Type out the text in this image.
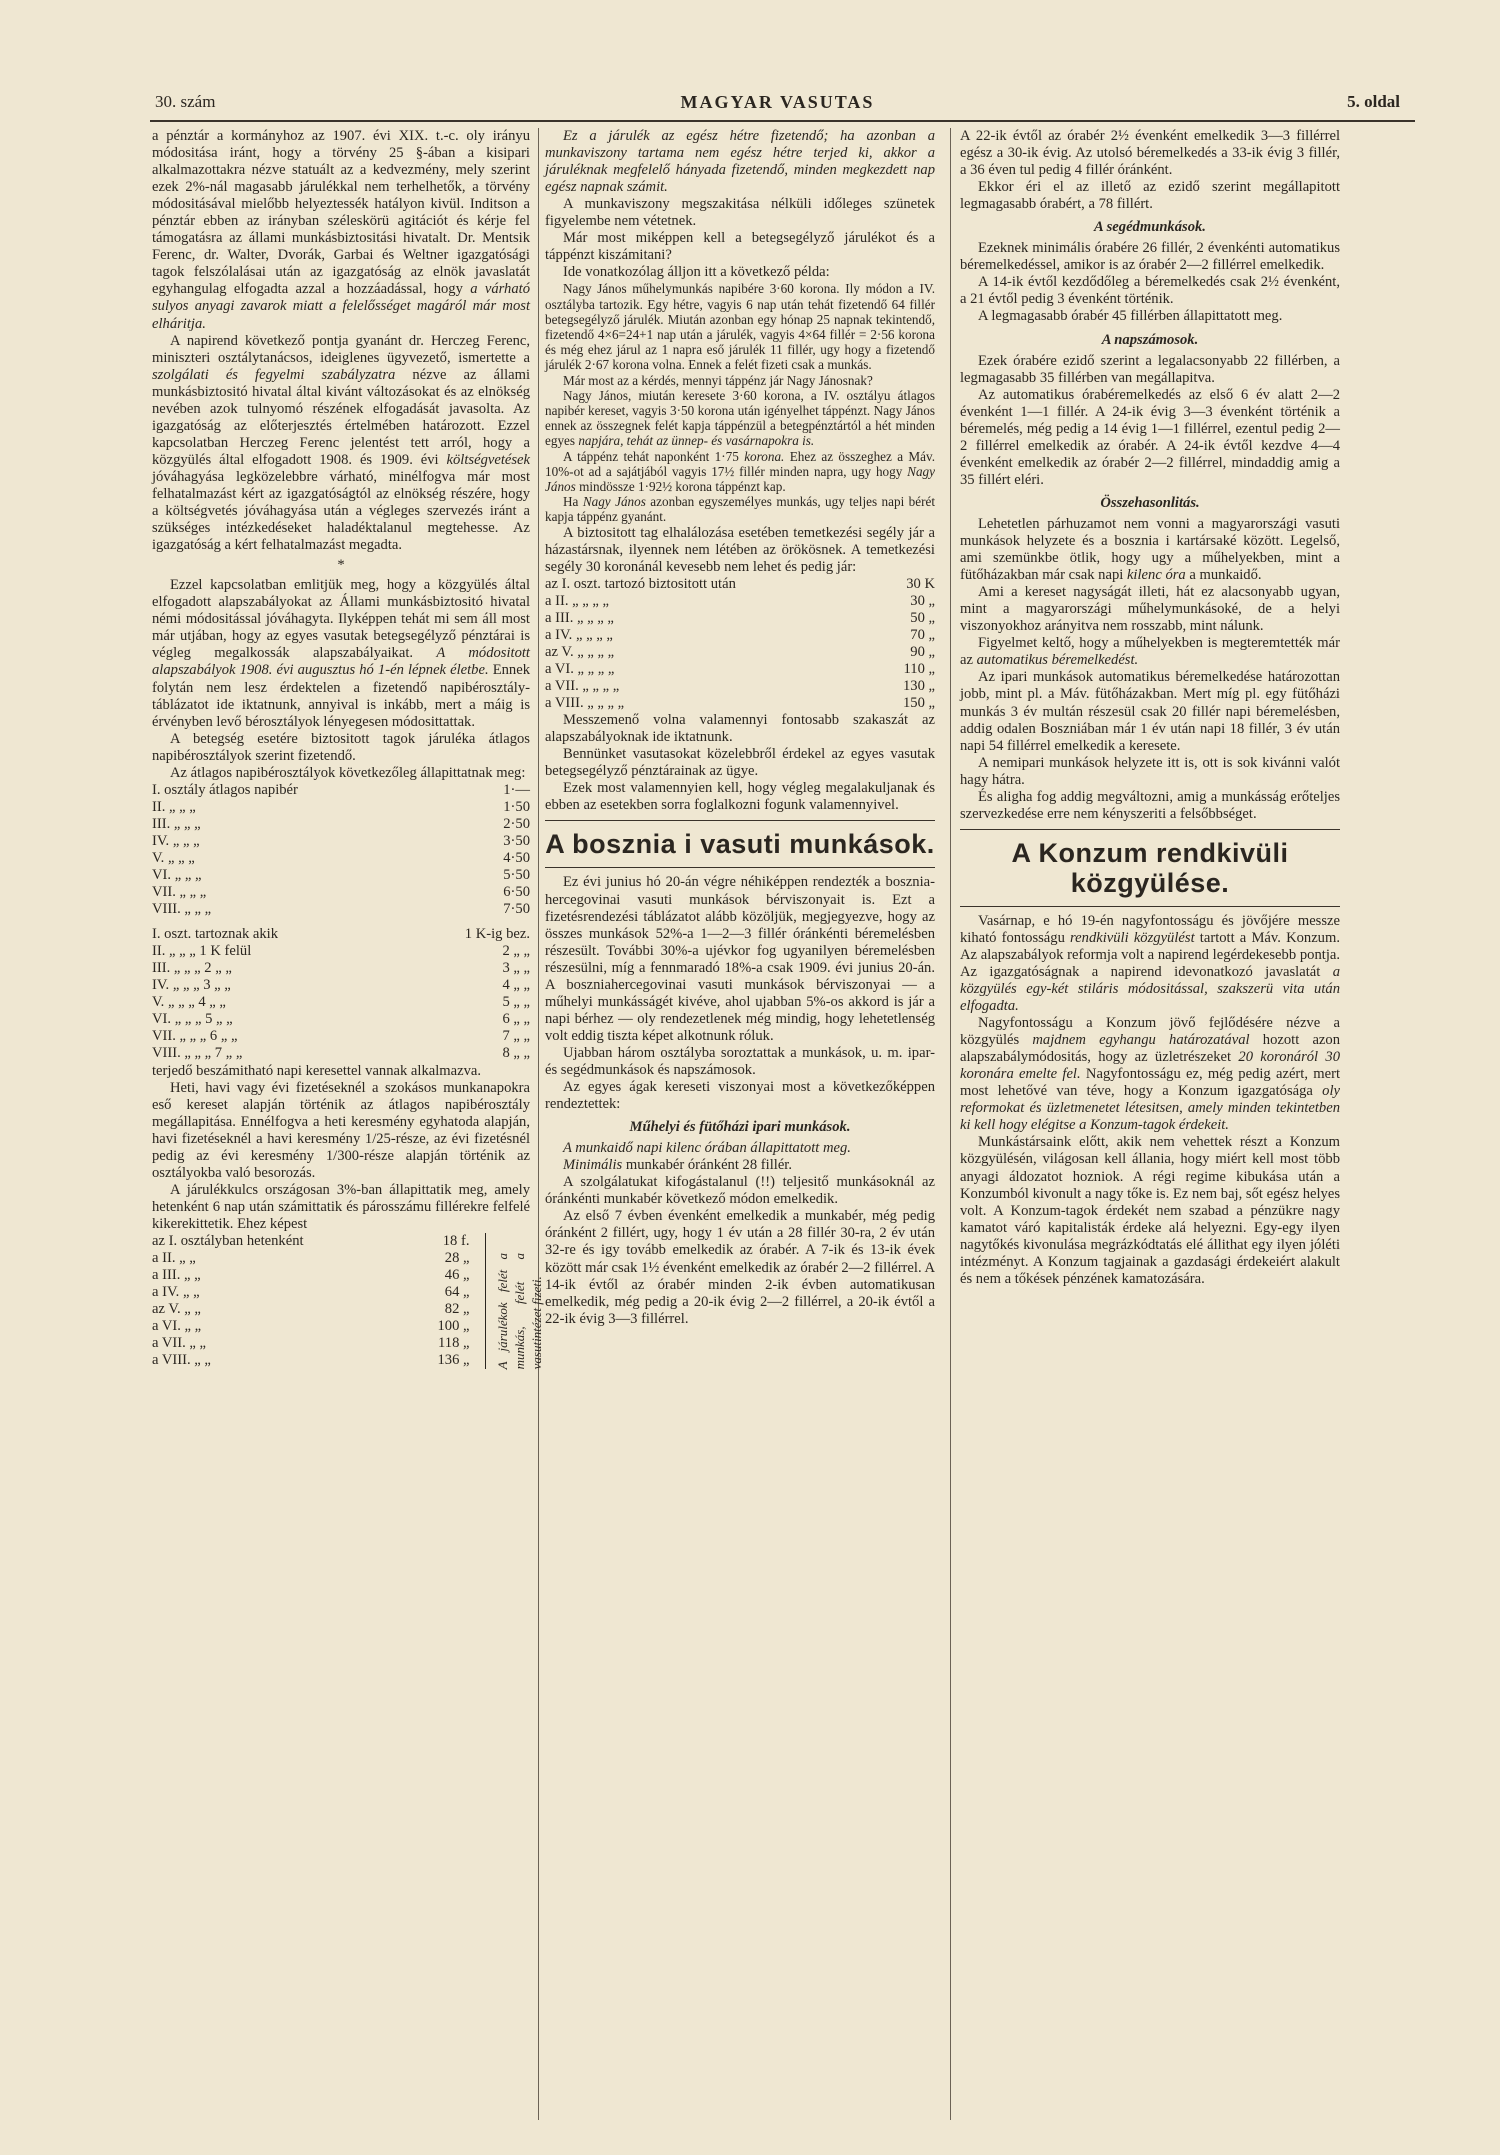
30. szám	MAGYAR VASUTAS	5. oldal

a pénztár a kormányhoz az 1907. évi XIX. t.-c. oly irányu módositása iránt, hogy a törvény 25 §-ában a kisipari alkalmazottakra nézve statuált az a kedvezmény, mely szerint ezek 2%-nál magasabb járulékkal nem terhelhetők, a törvény módositásával mielőbb helyeztessék hatályon kivül. Inditson a pénztár ebben az irányban széleskörü agitációt és kérje fel támogatásra az állami munkásbiztositási hivatalt. Dr. Mentsik Ferenc, dr. Walter, Dvorák, Garbai és Weltner igazgatósági tagok felszólalásai után az igazgatóság az elnök javaslatát egyhangulag elfogadta azzal a hozzáadással, hogy a várható sulyos anyagi zavarok miatt a felelősséget magáról már most elháritja.

A napirend következő pontja gyanánt dr. Herczeg Ferenc, miniszteri osztálytanácsos, ideiglenes ügyvezető, ismertette a szolgálati és fegyelmi szabályzatra nézve az állami munkásbiztositó hivatal által kivánt változásokat és az elnökség nevében azok tulnyomó részének elfogadását javasolta. Az igazgatóság az előterjesztés értelmében határozott. Ezzel kapcsolatban Herczeg Ferenc jelentést tett arról, hogy a közgyülés által elfogadott 1908. és 1909. évi költségvetések jóváhagyása legközelebbre várható, minélfogva már most felhatalmazást kért az igazgatóságtól az elnökség részére, hogy a költségvetés jóváhagyása után a végleges szervezés iránt a szükséges intézkedéseket haladéktalanul megtehesse. Az igazgatóság a kért felhatalmazást megadta.

*

Ezzel kapcsolatban emlitjük meg, hogy a közgyülés által elfogadott alapszabályokat az Állami munkásbiztositó hivatal némi módositással jóváhagyta. Ilyképpen tehát mi sem áll most már utjában, hogy az egyes vasutak betegsegélyző pénztárai is végleg megalkossák alapszabályaikat. A módositott alapszabályok 1908. évi augusztus hó 1-én lépnek életbe. Ennek folytán nem lesz érdektelen a fizetendő napibérosztály-táblázatot ide iktatnunk, annyival is inkább, mert a máig is érvényben levő bérosztályok lényegesen módosittattak.

A betegség esetére biztositott tagok járuléka átlagos napibérosztályok szerint fizetendő.

Az átlagos napibérosztályok következőleg állapittatnak meg:

I. osztály átlagos napibér	1·—
II. „ „ „	1·50
III. „ „ „	2·50
IV. „ „ „	3·50
V. „ „ „	4·50
VI. „ „ „	5·50
VII. „ „ „	6·50
VIII. „ „ „	7·50
I. oszt. tartoznak akik	1 K-ig bez.
II. „ „ „ 1 K felül	2 „ „
III. „ „ „ 2 „ „	3 „ „
IV. „ „ „ 3 „ „	4 „ „
V. „ „ „ 4 „ „	5 „ „
VI. „ „ „ 5 „ „	6 „ „
VII. „ „ „ 6 „ „	7 „ „
VIII. „ „ „ 7 „ „	8 „ „

terjedő beszámitható napi keresettel vannak alkalmazva.

Heti, havi vagy évi fizetéseknél a szokásos munkanapokra eső kereset alapján történik az átlagos napibérosztály megállapitása. Ennélfogva a heti keresmény egyhatoda alapján, havi fizetéseknél a havi keresmény 1/25-része, az évi fizetésnél pedig az évi keresmény 1/300-része alapján történik az osztályokba való besorozás.

A járulékkulcs országosan 3%-ban állapittatik meg, amely hetenként 6 nap után számittatik és párosszámu fillérekre felfelé kikerekittetik. Ehez képest

az I. osztályban hetenként	18 f.
a II. „ „	28 „
a III. „ „	46 „
a IV. „ „	64 „
az V. „ „	82 „
a VI. „ „	100 „
a VII. „ „	118 „
a VIII. „ „	136 „ A járulékok felét a munkás, felét a vasutintézet fizeti.

Ez a járulék az egész hétre fizetendő; ha azonban a munkaviszony tartama nem egész hétre terjed ki, akkor a járuléknak megfelelő hányada fizetendő, minden megkezdett nap egész napnak számit.

A munkaviszony megszakitása nélküli időleges szünetek figyelembe nem vétetnek.

Már most miképpen kell a betegsegélyző járulékot és a táppénzt kiszámitani?

Ide vonatkozólag álljon itt a következő példa:

Nagy János műhelymunkás napibére 3·60 korona. Ily módon a IV. osztályba tartozik. Egy hétre, vagyis 6 nap után tehát fizetendő 64 fillér betegsegélyző járulék. Miután azonban egy hónap 25 napnak tekintendő, fizetendő 4×6=24+1 nap után a járulék, vagyis 4×64 fillér = 2·56 korona és még ehez járul az 1 napra eső járulék 11 fillér, ugy hogy a fizetendő járulék 2·67 korona volna. Ennek a felét fizeti csak a munkás.

Már most az a kérdés, mennyi táppénz jár Nagy Jánosnak?

Nagy János, miután keresete 3·60 korona, a IV. osztályu átlagos napibér kereset, vagyis 3·50 korona után igényelhet táppénzt. Nagy János ennek az összegnek felét kapja táppénzül a betegpénztártól a hét minden egyes napjára, tehát az ünnep- és vasárnapokra is.

A táppénz tehát naponként 1·75 korona. Ehez az összeghez a Máv. 10%-ot ad a sajátjából vagyis 17½ fillér minden napra, ugy hogy Nagy János mindössze 1·92½ korona táppénzt kap.

Ha Nagy János azonban egyszemélyes munkás, ugy teljes napi bérét kapja táppénz gyanánt.

A biztositott tag elhalálozása esetében temetkezési segély jár a házastársnak, ilyennek nem létében az örökösnek. A temetkezési segély 30 koronánál kevesebb nem lehet és pedig jár:

az I. oszt. tartozó biztositott után	30 K
a II. „ „ „ „	30 „
a III. „ „ „ „	50 „
a IV. „ „ „ „	70 „
az V. „ „ „ „	90 „
a VI. „ „ „ „	110 „
a VII. „ „ „ „	130 „
a VIII. „ „ „ „	150 „

Messzemenő volna valamennyi fontosabb szakaszát az alapszabályoknak ide iktatnunk.

Bennünket vasutasokat közelebbről érdekel az egyes vasutak betegsegélyző pénztárainak az ügye.

Ezek most valamennyien kell, hogy végleg megalakuljanak és ebben az esetekben sorra foglalkozni fogunk valamennyivel.

A bosznia i vasuti munkások.

Ez évi junius hó 20-án végre néhiképpen rendezték a bosznia-hercegovinai vasuti munkások bérviszonyait is. Ezt a fizetésrendezési táblázatot alább közöljük, megjegyezve, hogy az összes munkások 52%-a 1—2—3 fillér óránkénti béremelésben részesült. További 30%-a ujévkor fog ugyanilyen béremelésben részesülni, míg a fennmaradó 18%-a csak 1909. évi junius 20-án. A boszniahercegovinai vasuti munkások bérviszonyai — a műhelyi munkásságét kivéve, ahol ujabban 5%-os akkord is jár a napi bérhez — oly rendezetlenek még mindig, hogy lehetetlenség volt eddig tiszta képet alkotnunk róluk.

Ujabban három osztályba soroztattak a munkások, u. m. ipar- és segédmunkások és napszámosok.

Az egyes ágak kereseti viszonyai most a következőképpen rendeztettek:

Műhelyi és fütőházi ipari munkások.

A munkaidő napi kilenc órában állapittatott meg.

Minimális munkabér óránként 28 fillér.

A szolgálatukat kifogástalanul (!!) teljesitő munkásoknál az óránkénti munkabér következő módon emelkedik.

Az első 7 évben évenként emelkedik a munkabér, még pedig óránként 2 fillért, ugy, hogy 1 év után a 28 fillér 30-ra, 2 év után 32-re és igy tovább emelkedik az órabér. A 7-ik és 13-ik évek között már csak 1½ évenként emelkedik az órabér 2—2 fillérrel. A 14-ik évtől az órabér minden 2-ik évben automatikusan emelkedik, még pedig a 20-ik évig 2—2 fillérrel, a 20-ik évtől a 22-ik évig 3—3 fillérrel.

A 22-ik évtől az órabér 2½ évenként emelkedik 3—3 fillérrel egész a 30-ik évig. Az utolsó béremelkedés a 33-ik évig 3 fillér, a 36 éven tul pedig 4 fillér óránként.

Ekkor éri el az illető az ezidő szerint megállapitott legmagasabb órabért, a 78 fillért.

A segédmunkások.

Ezeknek minimális órabére 26 fillér, 2 évenkénti automatikus béremelkedéssel, amikor is az órabér 2—2 fillérrel emelkedik.

A 14-ik évtől kezdődőleg a béremelkedés csak 2½ évenként, a 21 évtől pedig 3 évenként történik.

A legmagasabb órabér 45 fillérben állapittatott meg.

A napszámosok.

Ezek órabére ezidő szerint a legalacsonyabb 22 fillérben, a legmagasabb 35 fillérben van megállapitva.

Az automatikus órabéremelkedés az első 6 év alatt 2—2 évenként 1—1 fillér. A 24-ik évig 3—3 évenként történik a béremelés, még pedig a 14 évig 1—1 fillérrel, ezentul pedig 2—2 fillérrel emelkedik az órabér. A 24-ik évtől kezdve 4—4 évenként emelkedik az órabér 2—2 fillérrel, mindaddig amig a 35 fillért eléri.

Összehasonlitás.

Lehetetlen párhuzamot nem vonni a magyarországi vasuti munkások helyzete és a bosznia i kartársaké között. Legelső, ami szemünkbe ötlik, hogy ugy a műhelyekben, mint a fütőházakban már csak napi kilenc óra a munkaidő.

Ami a kereset nagyságát illeti, hát ez alacsonyabb ugyan, mint a magyarországi műhelymunkásoké, de a helyi viszonyokhoz arányitva nem rosszabb, mint nálunk.

Figyelmet keltő, hogy a műhelyekben is megteremtették már az automatikus béremelkedést.

Az ipari munkások automatikus béremelkedése határozottan jobb, mint pl. a Máv. fütőházakban. Mert míg pl. egy fütőházi munkás 3 év multán részesül csak 20 fillér napi béremelésben, addig odalen Boszniában már 1 év után napi 18 fillér, 3 év után napi 54 fillérrel emelkedik a keresete.

A nemipari munkások helyzete itt is, ott is sok kivánni valót hagy hátra.

És aligha fog addig megváltozni, amig a munkásság erőteljes szervezkedése erre nem kényszeriti a felsőbbséget.

A Konzum rendkivüli közgyülése.

Vasárnap, e hó 19-én nagyfontosságu és jövőjére messze kiható fontosságu rendkivüli közgyülést tartott a Máv. Konzum. Az alapszabályok reformja volt a napirend legérdekesebb pontja. Az igazgatóságnak a napirend idevonatkozó javaslatát a közgyülés egy-két stiláris módositással, szakszerü vita után elfogadta.

Nagyfontosságu a Konzum jövő fejlődésére nézve a közgyülés majdnem egyhangu határozatával hozott azon alapszabálymódositás, hogy az üzletrészeket 20 koronáról 30 koronára emelte fel. Nagyfontosságu ez, még pedig azért, mert most lehetővé van téve, hogy a Konzum igazgatósága oly reformokat és üzletmenetet létesitsen, amely minden tekintetben ki kell hogy elégitse a Konzum-tagok érdekeit.

Munkástársaink előtt, akik nem vehettek részt a Konzum közgyülésén, világosan kell állania, hogy miért kell most több anyagi áldozatot hozniok. A régi regime kibukása után a Konzumból kivonult a nagy tőke is. Ez nem baj, sőt egész helyes volt. A Konzum-tagok érdekét nem szabad a pénzükre nagy kamatot váró kapitalisták érdeke alá helyezni. Egy-egy ilyen nagytőkés kivonulása megrázkódtatás elé állithat egy ilyen jóléti intézményt. A Konzum tagjainak a gazdasági érdekeiért alakult és nem a tőkések pénzének kamatozására.
